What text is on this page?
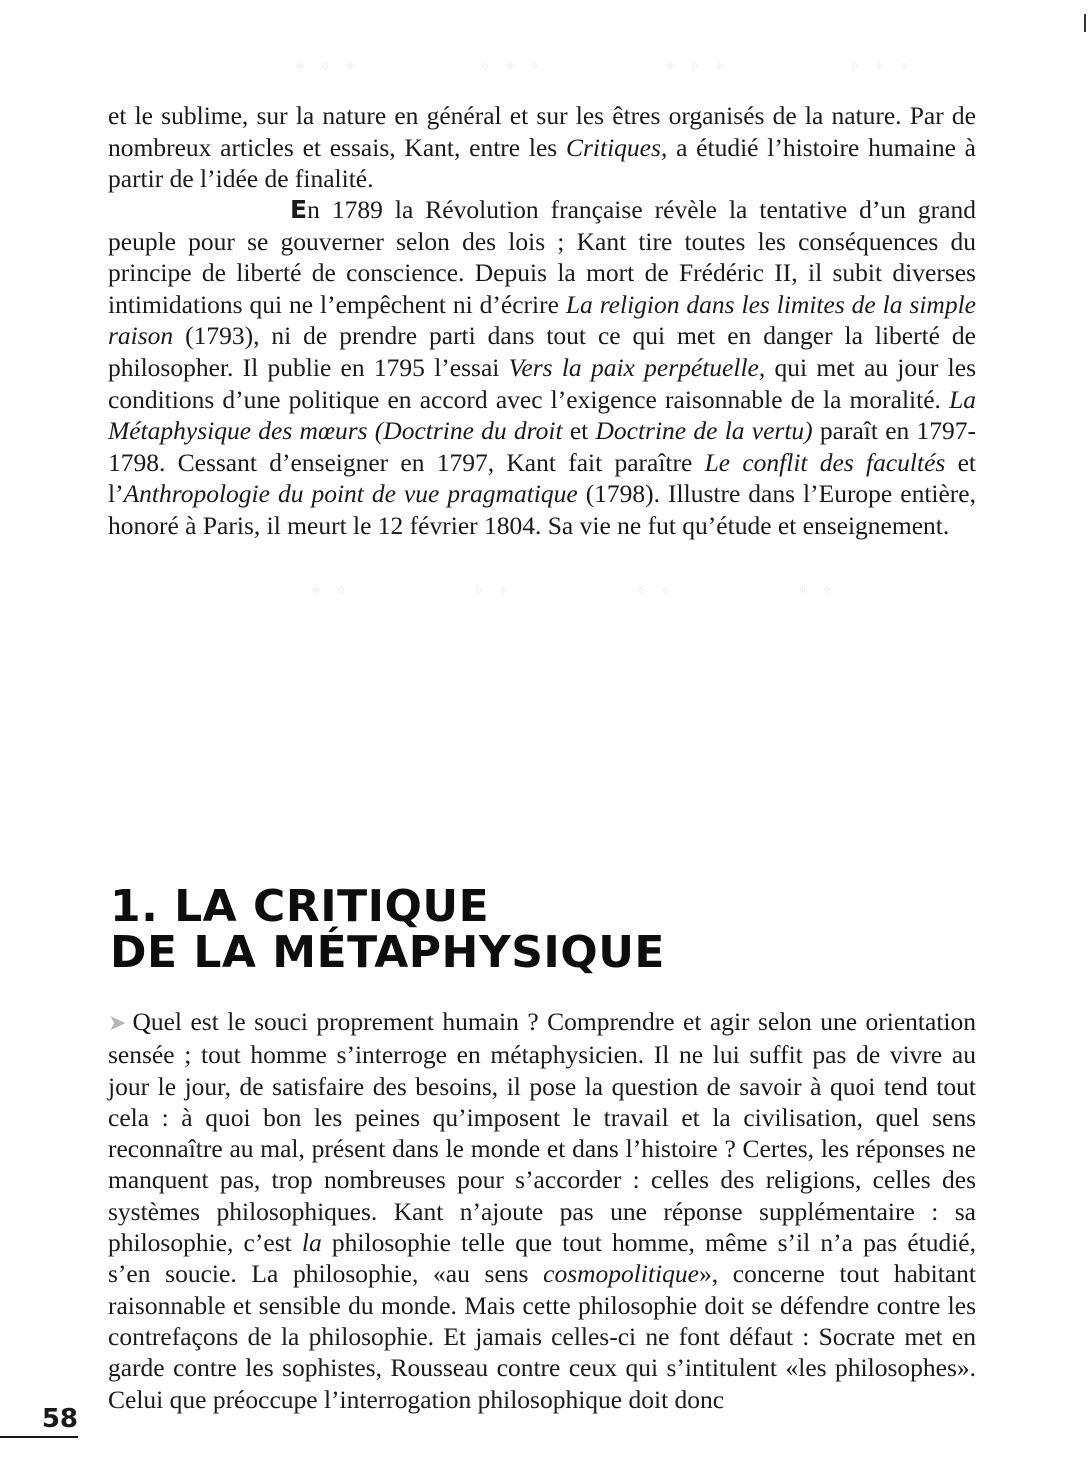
⁘ ⁘ ⁘	⁘ ⁘ ⁘	⁘ ⁘ ⁘	⁘ ⁘ ⁘

et le sublime, sur la nature en général et sur les êtres organisés de la nature. Par de nombreux articles et essais, Kant, entre les Critiques, a étudié l’histoire humaine à partir de l’idée de finalité.

En 1789 la Révolution française révèle la tentative d’un grand peuple pour se gouverner selon des lois ; Kant tire toutes les conséquences du principe de liberté de conscience. Depuis la mort de Frédéric II, il subit diverses intimidations qui ne l’empêchent ni d’écrire La religion dans les limites de la simple raison (1793), ni de prendre parti dans tout ce qui met en danger la liberté de philosopher. Il publie en 1795 l’essai Vers la paix perpétuelle, qui met au jour les conditions d’une politique en accord avec l’exigence raisonnable de la moralité. La Métaphysique des mœurs (Doctrine du droit et Doctrine de la vertu) paraît en 1797-1798. Cessant d’enseigner en 1797, Kant fait paraître Le conflit des facultés et l’Anthropologie du point de vue pragmatique (1798). Illustre dans l’Europe entière, honoré à Paris, il meurt le 12 février 1804. Sa vie ne fut qu’étude et enseignement.

⁘ ⁘	⁘ ⁘	⁘ ⁘	⁘ ⁘
1. LA CRITIQUE
DE LA MÉTAPHYSIQUE

➤ Quel est le souci proprement humain ? Comprendre et agir selon une orientation sensée ; tout homme s’interroge en métaphysicien. Il ne lui suffit pas de vivre au jour le jour, de satisfaire des besoins, il pose la question de savoir à quoi tend tout cela : à quoi bon les peines qu’imposent le travail et la civilisation, quel sens reconnaître au mal, présent dans le monde et dans l’histoire ? Certes, les réponses ne manquent pas, trop nombreuses pour s’accorder : celles des religions, celles des systèmes philosophiques. Kant n’ajoute pas une réponse supplémentaire : sa philosophie, c’est la philosophie telle que tout homme, même s’il n’a pas étudié, s’en soucie. La philosophie, «au sens cosmopolitique», concerne tout habitant raisonnable et sensible du monde. Mais cette philosophie doit se défendre contre les contrefaçons de la philosophie. Et jamais celles-ci ne font défaut : Socrate met en garde contre les sophistes, Rousseau contre ceux qui s’intitulent «les philosophes». Celui que préoccupe l’interrogation philosophique doit donc

58
